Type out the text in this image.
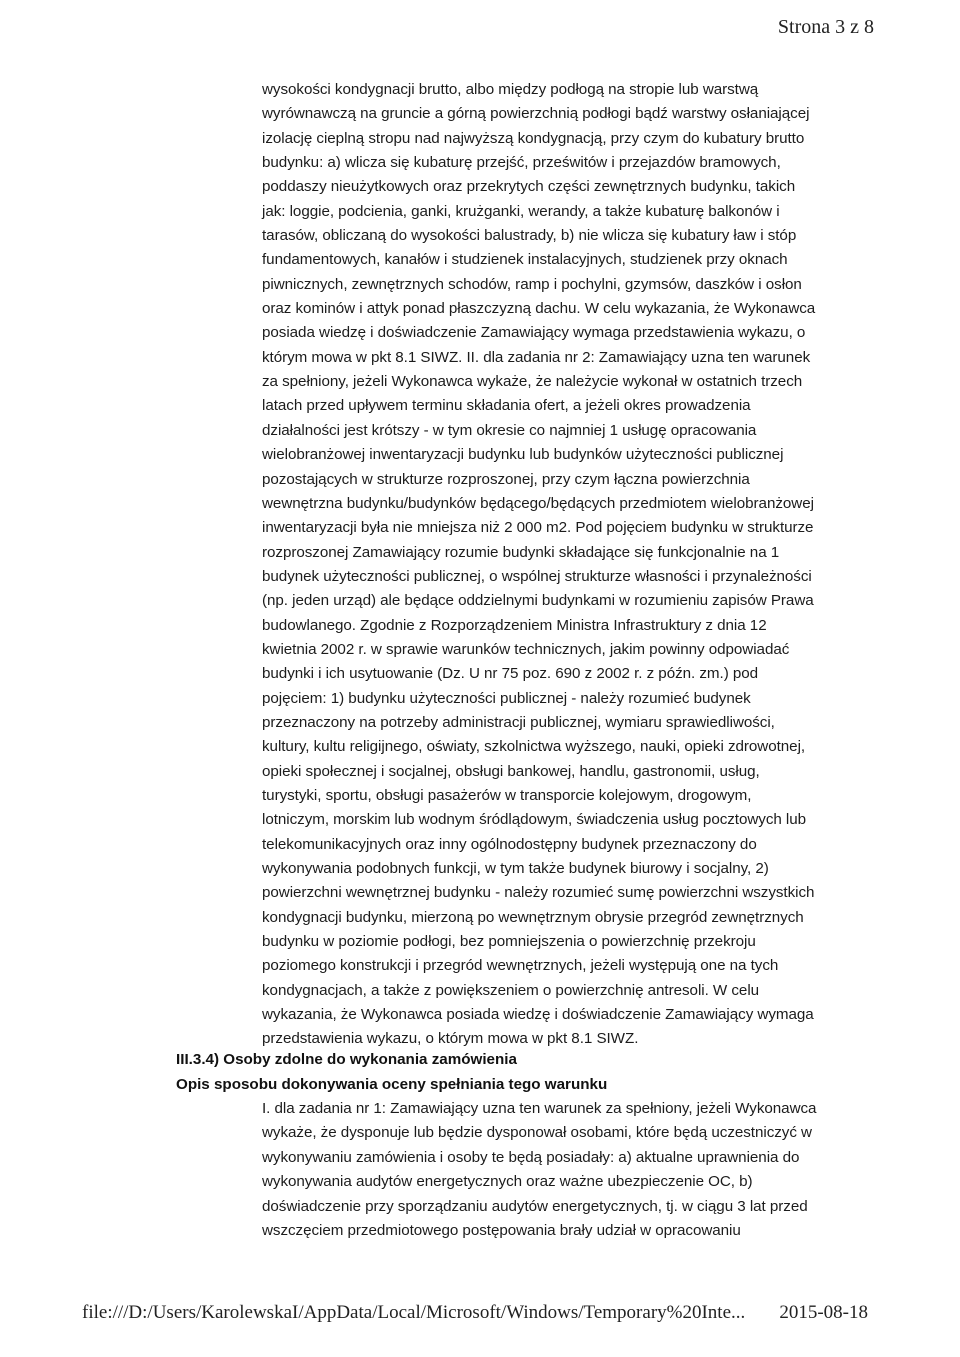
Strona 3 z 8
wysokości kondygnacji brutto, albo między podłogą na stropie lub warstwą
wyrównawczą na gruncie a górną powierzchnią podłogi bądź warstwy osłaniającej
izolację cieplną stropu nad najwyższą kondygnacją, przy czym do kubatury brutto
budynku: a) wlicza się kubaturę przejść, prześwitów i przejazdów bramowych,
poddaszy nieużytkowych oraz przekrytych części zewnętrznych budynku, takich
jak: loggie, podcienia, ganki, krużganki, werandy, a także kubaturę balkonów i
tarasów, obliczaną do wysokości balustrady, b) nie wlicza się kubatury ław i stóp
fundamentowych, kanałów i studzienek instalacyjnych, studzienek przy oknach
piwnicznych, zewnętrznych schodów, ramp i pochylni, gzymsów, daszków i osłon
oraz kominów i attyk ponad płaszczyzną dachu. W celu wykazania, że Wykonawca
posiada wiedzę i doświadczenie Zamawiający wymaga przedstawienia wykazu, o
którym mowa w pkt 8.1 SIWZ. II. dla zadania nr 2: Zamawiający uzna ten warunek
za spełniony, jeżeli Wykonawca wykaże, że należycie wykonał w ostatnich trzech
latach przed upływem terminu składania ofert, a jeżeli okres prowadzenia
działalności jest krótszy - w tym okresie co najmniej 1 usługę opracowania
wielobranżowej inwentaryzacji budynku lub budynków użyteczności publicznej
pozostających w strukturze rozproszonej, przy czym łączna powierzchnia
wewnętrzna budynku/budynków będącego/będących przedmiotem wielobranżowej
inwentaryzacji była nie mniejsza niż 2 000 m2. Pod pojęciem budynku w strukturze
rozproszonej Zamawiający rozumie budynki składające się funkcjonalnie na 1
budynek użyteczności publicznej, o wspólnej strukturze własności i przynależności
(np. jeden urząd) ale będące oddzielnymi budynkami w rozumieniu zapisów Prawa
budowlanego. Zgodnie z Rozporządzeniem Ministra Infrastruktury z dnia 12
kwietnia 2002 r. w sprawie warunków technicznych, jakim powinny odpowiadać
budynki i ich usytuowanie (Dz. U nr 75 poz. 690 z 2002 r. z późn. zm.) pod
pojęciem: 1) budynku użyteczności publicznej - należy rozumieć budynek
przeznaczony na potrzeby administracji publicznej, wymiaru sprawiedliwości,
kultury, kultu religijnego, oświaty, szkolnictwa wyższego, nauki, opieki zdrowotnej,
opieki społecznej i socjalnej, obsługi bankowej, handlu, gastronomii, usług,
turystyki, sportu, obsługi pasażerów w transporcie kolejowym, drogowym,
lotniczym, morskim lub wodnym śródlądowym, świadczenia usług pocztowych lub
telekomunikacyjnych oraz inny ogólnodostępny budynek przeznaczony do
wykonywania podobnych funkcji, w tym także budynek biurowy i socjalny, 2)
powierzchni wewnętrznej budynku - należy rozumieć sumę powierzchni wszystkich
kondygnacji budynku, mierzoną po wewnętrznym obrysie przegród zewnętrznych
budynku w poziomie podłogi, bez pomniejszenia o powierzchnię przekroju
poziomego konstrukcji i przegród wewnętrznych, jeżeli występują one na tych
kondygnacjach, a także z powiększeniem o powierzchnię antresoli. W celu
wykazania, że Wykonawca posiada wiedzę i doświadczenie Zamawiający wymaga
przedstawienia wykazu, o którym mowa w pkt 8.1 SIWZ.
III.3.4) Osoby zdolne do wykonania zamówienia
Opis sposobu dokonywania oceny spełniania tego warunku
I. dla zadania nr 1: Zamawiający uzna ten warunek za spełniony, jeżeli Wykonawca
wykaże, że dysponuje lub będzie dysponował osobami, które będą uczestniczyć w
wykonywaniu zamówienia i osoby te będą posiadały: a) aktualne uprawnienia do
wykonywania audytów energetycznych oraz ważne ubezpieczenie OC, b)
doświadczenie przy sporządzaniu audytów energetycznych, tj. w ciągu 3 lat przed
wszczęciem przedmiotowego postępowania brały udział w opracowaniu
file:///D:/Users/KarolewskaI/AppData/Local/Microsoft/Windows/Temporary%20Inte... 2015-08-18
